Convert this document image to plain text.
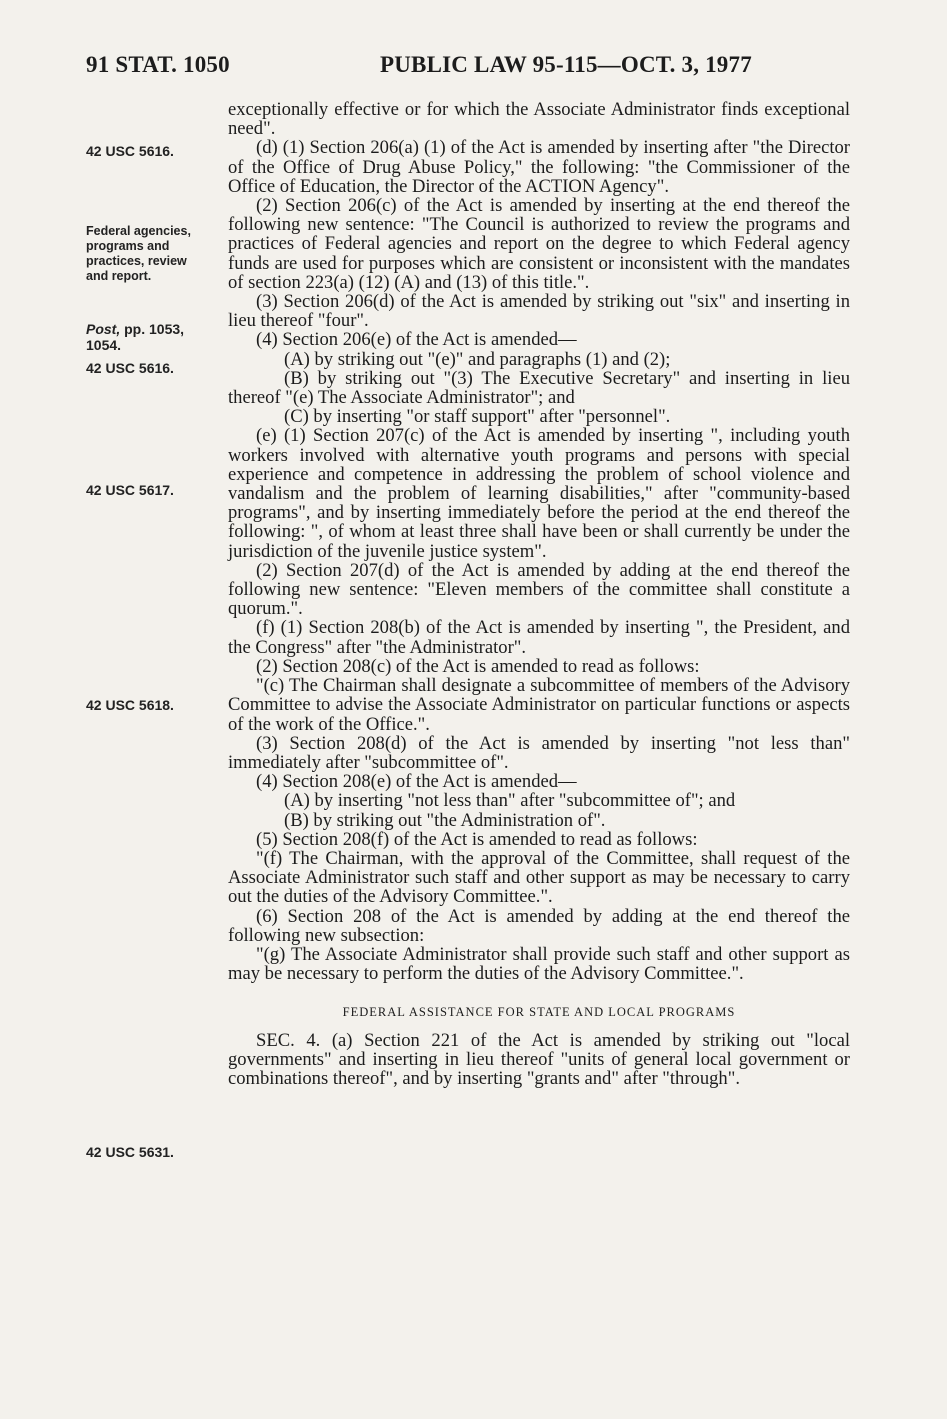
91 STAT. 1050	PUBLIC LAW 95-115—OCT. 3, 1977
42 USC 5616.
Federal agencies,
programs and
practices, review
and report.
Post, pp. 1053,
1054.
42 USC 5616.
42 USC 5617.
42 USC 5618.
42 USC 5631.

exceptionally effective or for which the Associate Administrator finds exceptional need".

(d) (1) Section 206(a) (1) of the Act is amended by inserting after "the Director of the Office of Drug Abuse Policy," the following: "the Commissioner of the Office of Education, the Director of the ACTION Agency".

(2) Section 206(c) of the Act is amended by inserting at the end thereof the following new sentence: "The Council is authorized to review the programs and practices of Federal agencies and report on the degree to which Federal agency funds are used for purposes which are consistent or inconsistent with the mandates of section 223(a) (12) (A) and (13) of this title.".

(3) Section 206(d) of the Act is amended by striking out "six" and inserting in lieu thereof "four".

(4) Section 206(e) of the Act is amended—

(A) by striking out "(e)" and paragraphs (1) and (2);

(B) by striking out "(3) The Executive Secretary" and inserting in lieu thereof "(e) The Associate Administrator"; and

(C) by inserting "or staff support" after "personnel".

(e) (1) Section 207(c) of the Act is amended by inserting ", including youth workers involved with alternative youth programs and persons with special experience and competence in addressing the problem of school violence and vandalism and the problem of learning disabilities," after "community-based programs", and by inserting immediately before the period at the end thereof the following: ", of whom at least three shall have been or shall currently be under the jurisdiction of the juvenile justice system".

(2) Section 207(d) of the Act is amended by adding at the end thereof the following new sentence: "Eleven members of the committee shall constitute a quorum.".

(f) (1) Section 208(b) of the Act is amended by inserting ", the President, and the Congress" after "the Administrator".

(2) Section 208(c) of the Act is amended to read as follows:

"(c) The Chairman shall designate a subcommittee of members of the Advisory Committee to advise the Associate Administrator on particular functions or aspects of the work of the Office.".

(3) Section 208(d) of the Act is amended by inserting "not less than" immediately after "subcommittee of".

(4) Section 208(e) of the Act is amended—

(A) by inserting "not less than" after "subcommittee of"; and

(B) by striking out "the Administration of".

(5) Section 208(f) of the Act is amended to read as follows:

"(f) The Chairman, with the approval of the Committee, shall request of the Associate Administrator such staff and other support as may be necessary to carry out the duties of the Advisory Committee.".

(6) Section 208 of the Act is amended by adding at the end thereof the following new subsection:

"(g) The Associate Administrator shall provide such staff and other support as may be necessary to perform the duties of the Advisory Committee.".

FEDERAL ASSISTANCE FOR STATE AND LOCAL PROGRAMS

SEC. 4. (a) Section 221 of the Act is amended by striking out "local governments" and inserting in lieu thereof "units of general local government or combinations thereof", and by inserting "grants and" after "through".
